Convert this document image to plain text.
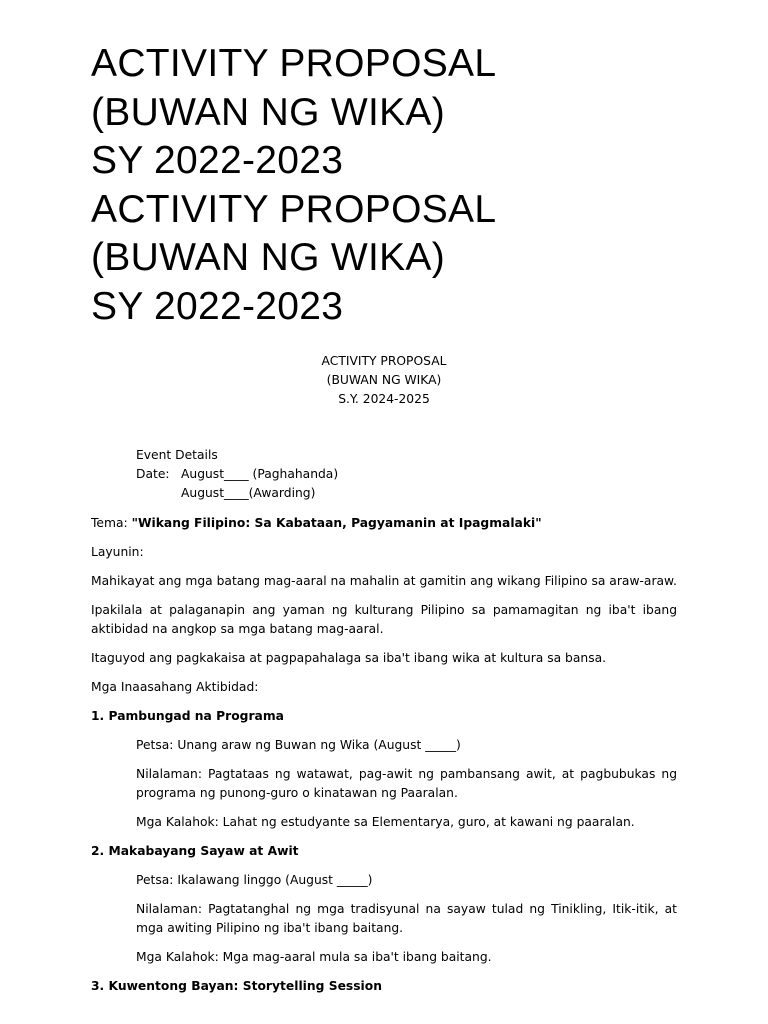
ACTIVITY PROPOSAL
(BUWAN NG WIKA)
SY 2022-2023
ACTIVITY PROPOSAL
(BUWAN NG WIKA)
SY 2022-2023
ACTIVITY PROPOSAL
(BUWAN NG WIKA)
S.Y. 2024-2025
Event Details
Date: August____ (Paghahanda)
August____(Awarding)
Tema: "Wikang Filipino: Sa Kabataan, Pagyamanin at Ipagmalaki"
Layunin:
Mahikayat ang mga batang mag-aaral na mahalin at gamitin ang wikang Filipino sa araw-araw.
Ipakilala at palaganapin ang yaman ng kulturang Pilipino sa pamamagitan ng iba't ibang aktibidad na angkop sa mga batang mag-aaral.
Itaguyod ang pagkakaisa at pagpapahalaga sa iba't ibang wika at kultura sa bansa.
Mga Inaasahang Aktibidad:
1. Pambungad na Programa
Petsa: Unang araw ng Buwan ng Wika (August _____)
Nilalaman: Pagtataas ng watawat, pag-awit ng pambansang awit, at pagbubukas ng programa ng punong-guro o kinatawan ng Paaralan.
Mga Kalahok: Lahat ng estudyante sa Elementarya, guro, at kawani ng paaralan.
2. Makabayang Sayaw at Awit
Petsa: Ikalawang linggo (August _____)
Nilalaman: Pagtatanghal ng mga tradisyunal na sayaw tulad ng Tinikling, Itik-itik, at mga awiting Pilipino ng iba't ibang baitang.
Mga Kalahok: Mga mag-aaral mula sa iba't ibang baitang.
3. Kuwentong Bayan: Storytelling Session
